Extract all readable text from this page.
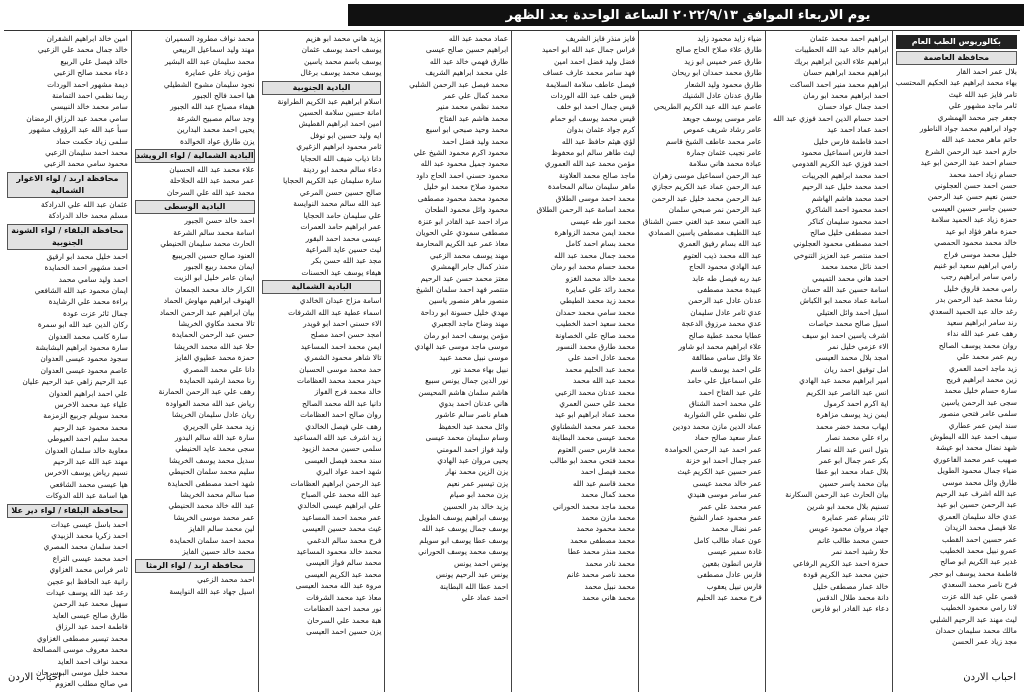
يوم الاربعاء الموافق ٢٠٢٢/٩/١٣ الساعة الواحدة بعد الظهر
بكالوريوس الطب العام
محافظة العاصمة
بلال عمر احمد القار
بهاء محمد ابراهيم عبد الحكيم المحتسب
تامر فايز عبد الله غيث
ثامر ماجد مشهور علي
جعفر جبر محمد الهمشري
جواد ابراهيم محمد جواد الناطور
حاتم ماهر محمد عبد الله
حازم احمد عبد الرحمن الشرع
حسام احمد عبد الرحمن ابو عيد
حسام زياد احمد محمد
حسن احمد حسن العجلوني
حسن نعيم حسن عبد الرحمن
حسين جاسر حسين العيسى
حمزة زياد عبد الحميد سلامة
حمزة ماهر فؤاد ابو عيد
خالد محمد محمود الحمصي
خليل محمد موسى فراج
رامي ابراهيم سعيد ابو غنيم
رامي سامر ابراهيم رجب
رامي محمد فاروق خليل
رشا محمد عبد الرحمن بدر
رغد خالد عبد الحميد السعدي
رند سامر ابراهيم سعيد
رهف عمر عبد الله نداء
روان محمد يوسف الصالح
ريم عمر محمد علي
زيد ماجد احمد العمري
زين محمد ابراهيم فريح
سارة حسام خليل محمد
سجى عبد الرحمن ياسين
سلمى عامر فتحي منصور
سند ايمن عمر عطاري
سيف احمد عبد الله البطوش
شهد نضال محمد ابو عيشة
صهيب عمر محمد الفاعوري
ضياء جمال محمود الطويل
طارق وائل محمد موسى
عبد الله اشرف عبد الرحيم
عبد الرحمن حسين ابو عيد
عدي خالد سليمان العمري
علا فيصل محمد الزيدان
عمر حسين احمد القطب
عمرو نبيل محمد الخطيب
غدير عبد الكريم ابو صالح
فاطمة محمد يوسف ابو حجر
فرح ناصر محمد السعدي
قصي علي عبد الله عزت
لانا رامي محمود الخطيب
ليث مهند عبد الرحيم الشلبي
مالك محمد سليمان حمدان
مجد زياد عمر الحسن
ابراهيم احمد محمد عثمان
ابراهيم خالد عبد الله الحطيبات
ابراهيم علاء الدين ابراهيم بريك
ابراهيم محمد ابراهيم حسان
ابراهيم محمد منير احمد الساكت
احمد ابراهيم محمد ابو رمان
احمد جمال عواد حسان
احمد حسام الدين احمد فوزي عبد الله
احمد عماد احمد عيد
احمد فاطمة فارس خليل
احمد فارس اسماعيل محمود
احمد فوزي عبد الكريم القدومي
احمد محمد ابراهيم الجريبات
احمد محمد خليل عبد الرحيم
احمد محمد هاشم الهاشم
احمد محمود احمد الشاكري
احمد محمود سليمان كناكر
احمد مصطفى خليل صالح
احمد مصطفى محمود العجلوني
احمد منتصر عبد العزيز التنوخي
احمد نائل محمد محمد
احمد هاني محمد التميمي
اسامة حسين عبد الله حسان
اسامة عماد محمد ابو الكباش
اسيل احمد وائل العتيلي
اسيل صالح محمد حياصات
اشرف ياسين احمد ابو سيف
الاء عزمي خليل نمر
امجد بلال محمد العيسى
امل توفيق احمد ريان
امير ابراهيم محمد عبد الهادي
انس عبد الناصر عبد الكريم
اية اكرم احمد كرمول
ايمن زيد يوسف مزاهرة
ايهاب محمد خضر محمد
براء علي محمد نصار
بتول انس عبد الله نصار
بكر عمر جمال ابو عمر
بلال عماد محمد ابو عطا
بيان محمد ياسر حسين
بيان الحارث عبد الرحمن السكارنة
تسنيم بلال محمد ابو شرين
ثائر بسام عمر عمايرة
جهاد مروان محمود عويس
حسن محمد طالب غانم
حلا رشيد احمد نمر
حمزة احمد عبد الكريم الرفاعي
حنين محمد عبد الكريم قودة
خالد عمار مصطفى خليل
دانة محمد طلال الدقس
دعاء عبد القادر ابو فارس
ضياء زايد محمود زايد
طارق علاء صلاح الحاج صالح
طارق عمر خميس ابو زيد
طارق محمد حمدان ابو ريحان
طارق محمود وليد الشعار
طارق عدنان عادل الشنيك
عاصم عبد الله عبد الكريم الطريحي
عامر موسى يوسف جويعد
عامر رشاد شريف عموص
عامر محمد عاطف الشيخ قاسم
عامر نجيب عثمان جمارة
عبادة محمد هاني سلامة
عبد الرحمن اسماعيل موسى زهران
عبد الرحمن عماد عبد الكريم حجازي
عبد الرحمن محمد خليل عبد الرحمن
عبد الرحمن نمر صبحي سلمان
عبد الغني سعد عبد الغني حسن الشناق
عبد اللطيف مصطفى ياسين الصمادي
عبد الله بسام رفيق العمري
عبد الله محمد ذيب العتوم
عبد الهادي محمود الحاج
عبد ربه فيصل طه عابد
عبيدة محمد مصطفى
عدنان عادل عبد الرحمن
عدي ثامر عادل سليمان
عدي محمد مرزوق الدعجة
عطايا محمد عطية صالح
علاء ابراهيم محمد ابو شاور
علا وائل سامي مطالقة
علي احمد يوسف قاسم
علي اسماعيل علي حامد
علي عبد الفتاح احمد
علي محمد احمد الشناق
علي نظمي علي الشواربة
عماد الدين مازن محمد دودين
عمار سعيد صالح حماد
عمر احمد عبد الرحمن الحوامدة
عمر جمال احمد ابو خزنة
عمر حسين عبد الكريم غيث
عمر خالد محمد عيسى
عمر سامر موسى هنيدي
عمر محمد علي عمر
عمر محمود عمار الشيخ
عمر نضال محمد
عون عماد طالب كامل
غادة سمير عيسى
فارس انطون بقعين
فارس عادل مصطفى
فارس نبيل يعقوب
فرح محمد عبد الحليم
فايز منذر فايز الشريف
فراس جمال عبد الله ابو احميد
فضل وليد فضل احمد امين
فهد سامر محمد عارف عساف
فيصل عاطف سلامة السلايمة
قيس خلف عبد الله الوردات
قيس جمال احمد ابو خلف
قيس محمد يوسف ابو حمام
كرم جواد عثمان بدوان
لؤي هيثم حافظ عبد الله
ليث طاهر سالم ابو محفوظ
مؤمن محمد عبد الله العموري
ماجد صالح محمد العلاونة
ماهر سليمان سالم المحامدة
محمد احمد موسى الطلاق
محمد اسامة عبد الرحمن الطلاق
محمد انور طه عيسى
محمد ايمن محمد الزواهرة
محمد بسام احمد كامل
محمد جمال محمد عبد الله
محمد حسام محمد ابو رمان
محمد خالد محمد الغزو
محمد رائد علي عمايرة
محمد زيد محمد الطيطي
محمد سامي محمد حمدان
محمد سعيد احمد الخطيب
محمد صالح علي الخصاونة
محمد طارق محمد النسور
محمد عادل احمد علي
محمد عبد الحليم محمد
محمد عبد الله محمد
محمد عدنان محمد الزعبي
محمد علي حسن العمري
محمد عماد ابراهيم ابو عيد
محمد عمر محمد الشطناوي
محمد عيسى محمد البطاينة
محمد فارس حسن العتوم
محمد فتحي محمد ابو طالب
محمد فيصل احمد
محمد قاسم عبد الله
محمد كمال محمد
محمد ماجد محمد الحوراني
محمد مازن محمد
محمد محمود محمد
محمد مصطفى محمد
محمد منذر محمد عطا
محمد نادر محمد
محمد ناصر محمد غانم
محمد نبيل محمد
محمد هاني محمد
عماد محمد عبد الله
ابراهيم حسين صالح عيسى
طارق فهمي خالد عبد الله
علي محمد ابراهيم الشريف
محمد فيصل عبد الرحمن الشلبي
محمد كمال علي عمر
محمد نظمي محمد منير
محمد هاشم عبد الفتاح
محمد وحيد صبحي ابو اسيع
محمد وليد فضل احمد
محمود اكرم محمود الشيخ علي
محمود جميل محمود عبد الله
محمود حسني احمد الحاج داود
محمود صلاح محمد ابو خليل
محمود محمد محمود مصطفى
محمود وائل محمود الطحان
مراد احمد عبد القادر ابو عنزة
مصطفى سمودي علي الحويان
معاذ عمر عبد الكريم المحارمة
مهند يوسف محمد الزعبي
منذر كمال جابر الهمشري
معتز محمد حسن عبد الرحيم
منتصر فهد احمد سلمان الشيخ
منصور ماهر منصور ياسين
مهدي خليل حسونة ابو رداحة
مهند وضاح ماجد الجعبري
مؤمن يوسف احمد ابو رمان
موسى ماجد موسى عبد الهادي
موسى نبيل محمد عبيد
نبيل بهاء محمد نور
نور الدين جمال يونس سبيع
هاشم سلمان هاشم المحيسن
هاني عدنان احمد بدوي
همام ناصر سالم عاشور
وائل محمد عبد الحفيظ
وسام سليمان محمد عيسى
وليد فواز احمد المومني
يحيى مروان عبد الهادي
يزن الزين محمد نهار
يزن تيسير عمر نعيم
يزن محمد ابو صيام
يزيد خالد بدر الحسين
يوسف ابراهيم يوسف الطويل
يوسف جمال يوسف عبد الله
يوسف عطا يوسف ابو سويلم
يوسف محمد يوسف الحوراني
يونس احمد يونس
يونس عبد الرحيم يونس
احمد عطا الله البطاينة
احمد عماد علي
يزيد هاني محمد ابو هزيم
يوسف احمد يوسف عثمان
يوسف باسم محمد ياسين
يوسف محمد يوسف برغال
البادية الجنوبية
اسلام ابراهيم عبد الكريم الطراونة
امانة حسين سلامة الحسين
امين احمد ابراهيم القطيش
ايه وليد حسين ابو نوفل
ثامر محمود ابراهيم الزغيري
دانا ذياب ضيف الله الحجايا
دعاء سالم محمد ابو ردينة
سارة سليمان عبد الكريم الحجايا
صالح حسين حسن المرعي
عبد الله سالم محمد النوايسة
علي سليمان حامد الحجايا
عمر ابراهيم حامد العمرات
عيسى محمد احمد البقور
ليث حسين عايد المراعية
مجد عبد الله حسن بكر
هيفاء يوسف عيد الحسنات
البادية الشمالية
اسامة مزاح عبدان الخالدي
اسماء عطية عبد الله الشرفات
الاء حسني احمد ابو قويدر
امجد حسن احمد مصلح
ايمن محمد احمد المساعيد
تالا شاهر محمود الشمري
حمد محمد موسى الحسبان
حيدر محمد محمد العظامات
خالد محمد فرج الفواز
دانيا عبد الله محمد الصالح
روان صالح احمد العظامات
رهف علي فيصل الخالدي
زيد اشرف عبد الله المساعيد
سلمى حسين محمد الزيود
سند محمد فيصل العيسى
شهد احمد عواد البري
عبد الرحمن ابراهيم العظامات
عبد الله محمد علي الصباح
علي ابراهيم عيسى الخالدي
عمر محمد احمد المساعيد
غيث محمد حسين العيسى
فرح محمد سالم الدغمي
محمد خالد محمود المساعيد
محمد سالم فواز العيسى
محمد عبد الكريم العيسى
مروة عبد الله محمد العيسى
معاذ عيد محمد الشرفات
نور محمد احمد العظامات
هبة محمد علي السرحان
يزن حسين احمد العيسى
محمد نواف مطرود السميران
مهند وليد اسماعيل الربيعي
محمد سليمان عبد الله البشير
مؤمن زياد علي عمايرة
نجود سليمان مشوح الشطيلي
هيا احمد فالح الجبور
هيفاء مصباح عبد الله الجبور
وجد سالم مصبيح الشرعة
يحيى احمد محمد البدارين
يزن طارق عواد الخوالدة
البادية الشمالية / لواء الرويشد
علاء محمد عبد الله الحسبان
عمر محمد عبد الله الحلاحلة
محمد عبد الله علي السرحان
البادية الوسطى
احمد خالد حسن الجبور
اسامة محمد سالم الشرعة
الحارث محمد سليمان الحنيطي
العنود صالح حسين الجريبيع
ايمان محمد ربيع الجبور
ايمان عامر خليل ابو الزيت
الكرار خالد محمد الجمعان
الهنوف ابراهيم مهاوش الحماد
بيان ابراهيم عبد الرحمن الحماد
تالا محمد مكاوي الخريشا
حسن عبد الرحمن الحمايدة
حلا عبد الله محمد الخريشا
حمزة محمد عطيوي الفايز
دانا علي محمد المصري
رنا محمد ارشيد الحمايدة
رهف علي عبد الرحمن الحمارنة
رياض عبد الله محمد العواودة
ريان عادل سليمان الخريشا
زيد محمد علي الجريري
سارة عبد الله سالم البدور
سجى محمد عايد الحنيطي
سديل محمد يوسف الخريشا
سليم محمد سلمان الحنيطي
شهد احمد مصطفى الحمايدة
صبا سالم محمد الخريشا
عبد الله خالد محمد الحنيطي
عمر محمد موسى الخريشا
لين محمد سالم الفايز
محمد احمد سلمان الحمايدة
محمد خالد حسين الفايز
محافظة اربد / لواء الرمثا
احمد محمد الزعبي
اسيل جهاد عبد الله النوايسة
امين خالد ابراهيم الشقران
خالد جمال محمد علي الزعبي
خالد فيصل علي الربيع
دعاء محمد صالح الزعبي
ديمة مشهور احمد الوردات
ريما نظمي احمد التمامنة
سامر محمد خالد النبيسي
سامي محمد عبد الرزاق الرمضان
سبأ عبد الله عبد الرؤوف مشهور
سلمى زياد حكمت حماد
محمد احمد سليمان الزعبي
محمود سامي محمد الزعبي
محافظة اربد / لواء الاغوار الشمالية
عثمان عبد الله علي الدرادكة
مسلم محمد خالد الدرادكة
محافظة البلقاء / لواء الشونة الجنوبية
احمد خليل محمد ابو ارقيق
احمد مشهور احمد الحمايدة
احمد وليد سامي محمد
ايمان محمود عبد الله الشافعي
براءة محمد علي الرشايدة
جمال ثائر عزت عودة
ركان الدين عبد الله ابو سمرة
سارة كامب محمد العدوان
سارة محمود ابراهيم البشابشة
سجود محمود عيسى العدوان
عاصم محمود عيسى العدوان
عبد الرحيم زاهي عبد الرحيم عليان
علي احمد ابراهيم العدوان
علياء عيد محمد الاخرس
محمد سويلم جربيع الزمزمة
محمد محمود عبد الرحيم
محمد سليم احمد العيوطي
معاوية خالد سلمان العدوان
مهند عبد الله عبد الرحيم
نسيم رياض يوسف الاخرس
هيا عيسى محمد الشافعي
هيا اسامة عبد الله الدوكات
محافظة البلقاء / لواء دير علا
احمد باسل عيسى عيدات
احمد زكريا محمد الزبيدي
احمد سلمان محمد المصري
احمد محمد عيسى التراع
ثامر فراس محمد الغزاوي
رانية عبد الحافظ ابو عجين
رعد عبد الله يوسف عيدات
سهيل محمد عبد الرحمن
طارق صالح عيسى العايد
فاطمة احمد عبد الرزاق
محمد تيسير مصطفى الغزاوي
محمد معروف موسى المصالحة
محمد نواف احمد العايد
محمد خليل موسى البوسرحان
مي صالح مطلب العزوم
احباب الاردن
احباب الاردن
